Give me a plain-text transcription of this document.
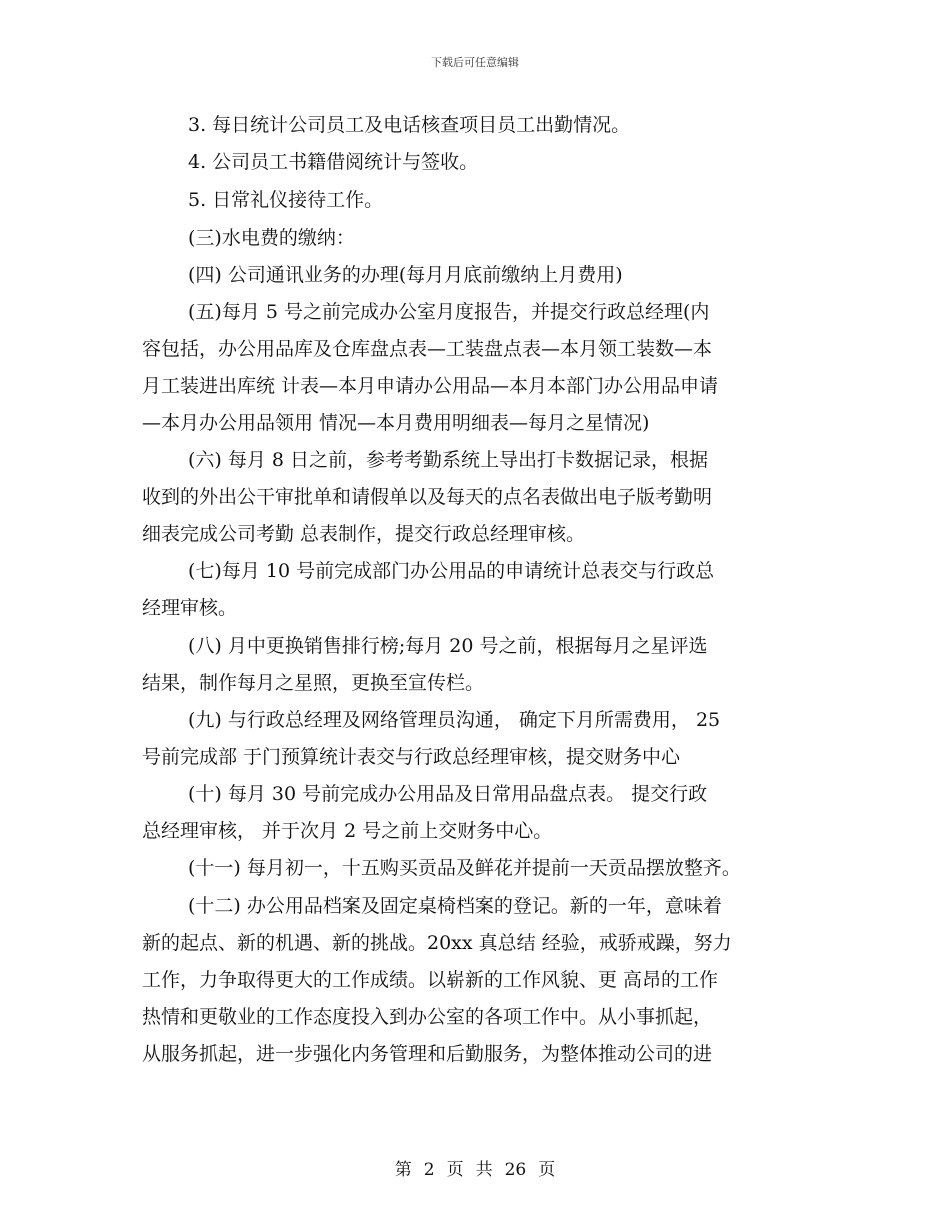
下载后可任意编辑
3. 每日统计公司员工及电话核查项目员工出勤情况。
4. 公司员工书籍借阅统计与签收。
5. 日常礼仪接待工作。
(三)水电费的缴纳：
(四) 公司通讯业务的办理(每月月底前缴纳上月费用)
(五)每月 5 号之前完成办公室月度报告，并提交行政总经理(内
容包括，办公用品库及仓库盘点表—工装盘点表—本月领工装数—本
月工装进出库统 计表—本月申请办公用品—本月本部门办公用品申请
—本月办公用品领用 情况—本月费用明细表—每月之星情况)
(六) 每月 8 日之前，参考考勤系统上导出打卡数据记录，根据
收到的外出公干审批单和请假单以及每天的点名表做出电子版考勤明
细表完成公司考勤 总表制作，提交行政总经理审核。
(七)每月 10 号前完成部门办公用品的申请统计总表交与行政总
经理审核。
(八) 月中更换销售排行榜;每月 20 号之前，根据每月之星评选
结果，制作每月之星照，更换至宣传栏。
(九) 与行政总经理及网络管理员沟通， 确定下月所需费用， 25
号前完成部 于门预算统计表交与行政总经理审核，提交财务中心
(十) 每月 30 号前完成办公用品及日常用品盘点表。 提交行政
总经理审核， 并于次月 2 号之前上交财务中心。
(十一) 每月初一，十五购买贡品及鲜花并提前一天贡品摆放整齐。
(十二) 办公用品档案及固定桌椅档案的登记。新的一年，意味着
新的起点、新的机遇、新的挑战。20xx 真总结 经验，戒骄戒躁，努力
工作，力争取得更大的工作成绩。以崭新的工作风貌、更 高昂的工作
热情和更敬业的工作态度投入到办公室的各项工作中。从小事抓起，
从服务抓起，进一步强化内务管理和后勤服务，为整体推动公司的进
第 2 页 共 26 页
